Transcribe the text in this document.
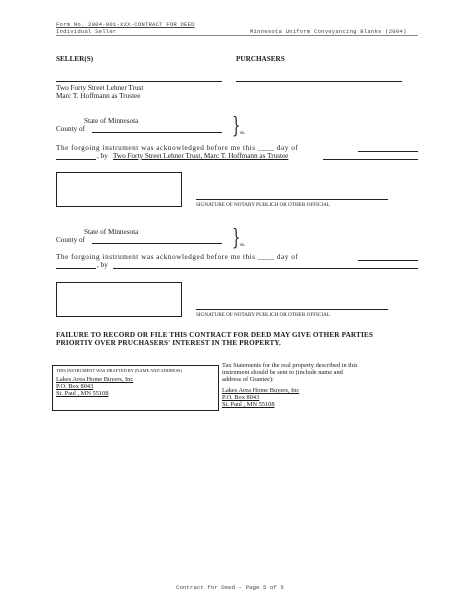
Form No. 2004-001-XXX-CONTRACT FOR DEED
Individual Seller	Minnesota Uniform Conveyancing Blanks (2004)
SELLER(S)	PURCHASERS
Two Forty Street Lehner Trust
Marc T. Hoffmann as Trustee
State of Minnesota
County of	} ss.
The forgoing instrument was acknowledged before me this ____ day of
, by Two Forty Street Lehner Trust, Marc T. Hoffmann as Trustee
SIGNATURE OF NOTARY PUBLICH OR OTHER OFFICIAL
State of Minnesota
County of	} ss.
The forgoing instrument was acknowledged before me this ____ day of
, by
SIGNATURE OF NOTARY PUBLICH OR OTHER OFFICIAL
FAILURE TO RECORD OR FILE THIS CONTRACT FOR DEED MAY GIVE OTHER PARTIES
PRIORTIY OVER PRUCHASERS' INTEREST IN THE PROPERTY.
THIS INSTRUMENT WAS DRAFTED BY (NAME AND ADDRESS)
Lakes Area Home Buyers, Inc
P.O. Box 8043
St. Paul , MN 55108
Tax Statements for the real property described in this
instrument should be sent to (include name and
address of Grantee):
Lakes Area Home Buyers, Inc
P.O. Box 8043
St. Paul , MN 55108
Contract for Deed - Page 5 of 5
